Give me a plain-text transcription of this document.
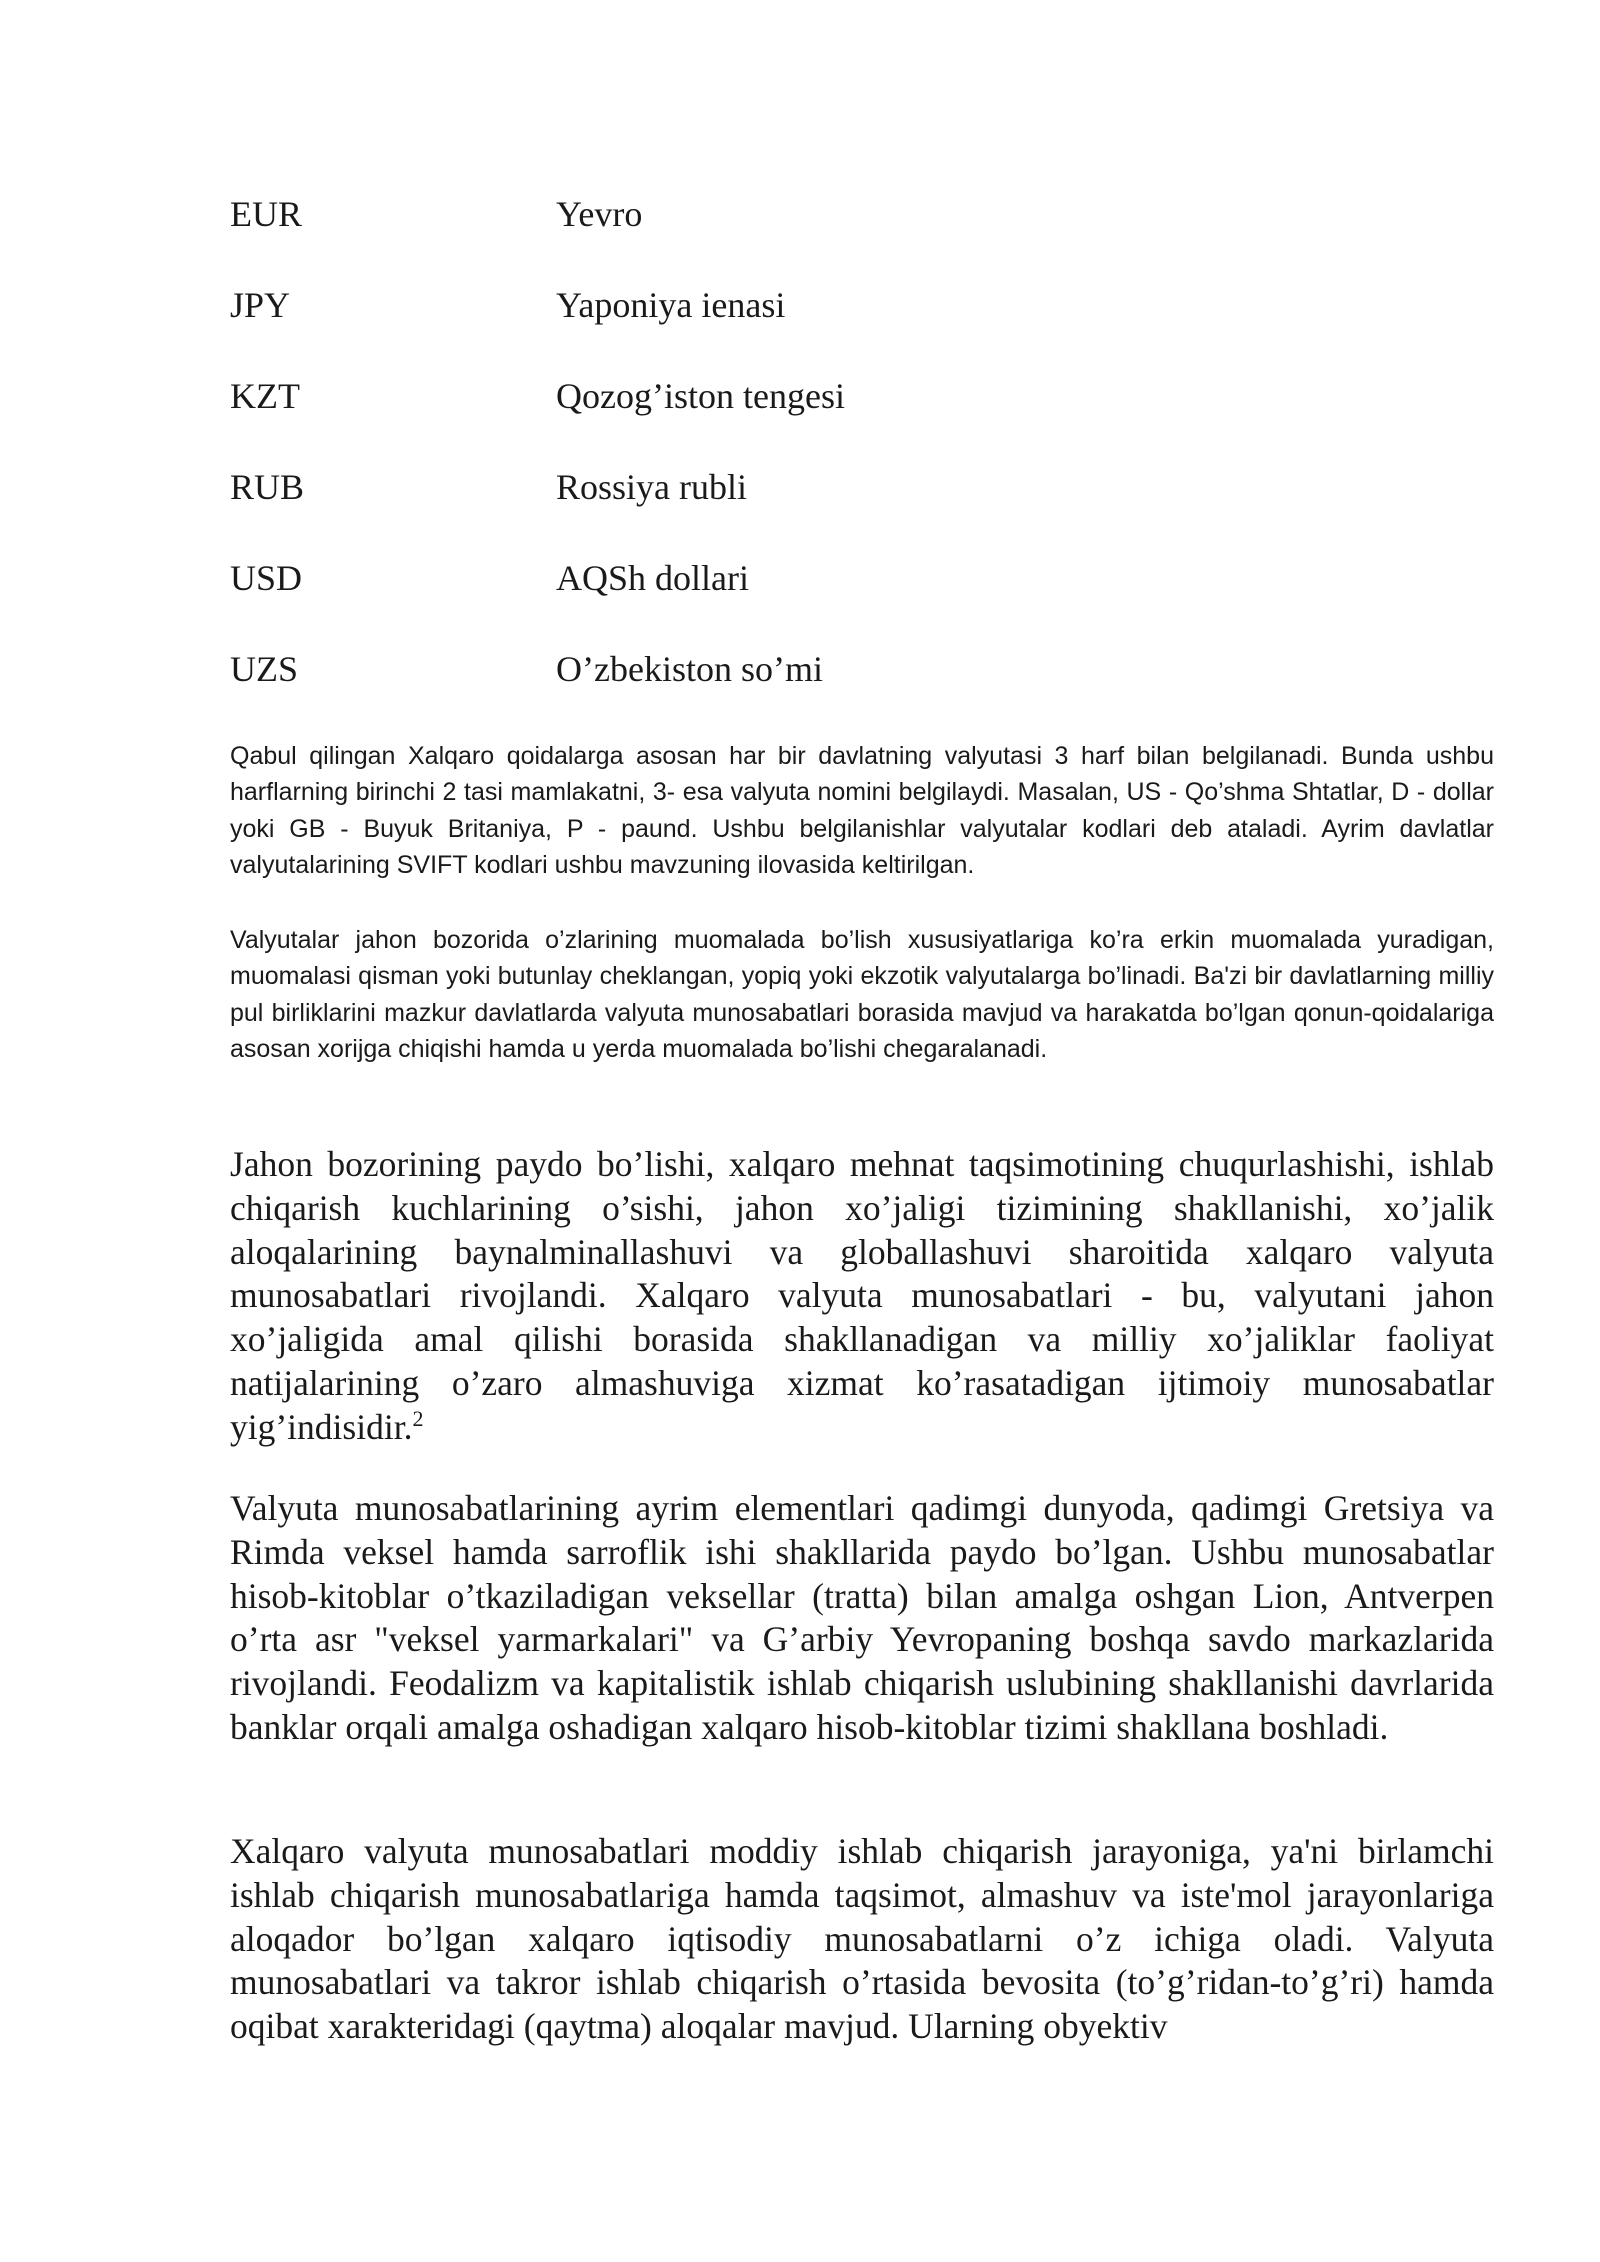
EUR	Yevro
JPY	Yaponiya ienasi
KZT	Qozog’iston tengesi
RUB	Rossiya rubli
USD	AQSh dollari
UZS	O’zbekiston so’mi

Qabul qilingan Xalqaro qoidalarga asosan har bir davlatning valyutasi 3 harf bilan belgilanadi. Bunda ushbu harflarning birinchi 2 tasi mamlakatni, 3- esa valyuta nomini belgilaydi. Masalan, US - Qo’shma Shtatlar, D - dollar yoki GB - Buyuk Britaniya, P - paund. Ushbu belgilanishlar valyutalar kodlari deb ataladi. Ayrim davlatlar valyutalarining SVIFT kodlari ushbu mavzuning ilovasida keltirilgan.

Valyutalar jahon bozorida o’zlarining muomalada bo’lish xususiyatlariga ko’ra erkin muomalada yuradigan, muomalasi qisman yoki butunlay cheklangan, yopiq yoki ekzotik valyutalarga bo’linadi. Ba'zi bir davlatlarning milliy pul birliklarini mazkur davlatlarda valyuta munosabatlari borasida mavjud va harakatda bo’lgan qonun-qoidalariga asosan xorijga chiqishi hamda u yerda muomalada bo’lishi chegaralanadi.

Jahon bozorining paydo bo’lishi, xalqaro mehnat taqsimotining chuqurlashishi, ishlab chiqarish kuchlarining o’sishi, jahon xo’jaligi tizimining shakllanishi, xo’jalik aloqalarining baynalminallashuvi va globallashuvi sharoitida xalqaro valyuta munosabatlari rivojlandi. Xalqaro valyuta munosabatlari - bu, valyutani jahon xo’jaligida amal qilishi borasida shakllanadigan va milliy xo’jaliklar faoliyat natijalarining o’zaro almashuviga xizmat ko’rasatadigan ijtimoiy munosabatlar yig’indisidir.$^2$

Valyuta munosabatlarining ayrim elementlari qadimgi dunyoda, qadimgi Gretsiya va Rimda veksel hamda sarroflik ishi shakllarida paydo bo’lgan. Ushbu munosabatlar hisob-kitoblar o’tkaziladigan veksellar (tratta) bilan amalga oshgan Lion, Antverpen o’rta asr "veksel yarmarkalari" va G’arbiy Yevropaning boshqa savdo markazlarida rivojlandi. Feodalizm va kapitalistik ishlab chiqarish uslubining shakllanishi davrlarida banklar orqali amalga oshadigan xalqaro hisob-kitoblar tizimi shakllana boshladi.

Xalqaro valyuta munosabatlari moddiy ishlab chiqarish jarayoniga, ya'ni birlamchi ishlab chiqarish munosabatlariga hamda taqsimot, almashuv va iste'mol jarayonlariga aloqador bo’lgan xalqaro iqtisodiy munosabatlarni o’z ichiga oladi. Valyuta munosabatlari va takror ishlab chiqarish o’rtasida bevosita (to’g’ridan-to’g’ri) hamda oqibat xarakteridagi (qaytma) aloqalar mavjud. Ularning obyektiv
